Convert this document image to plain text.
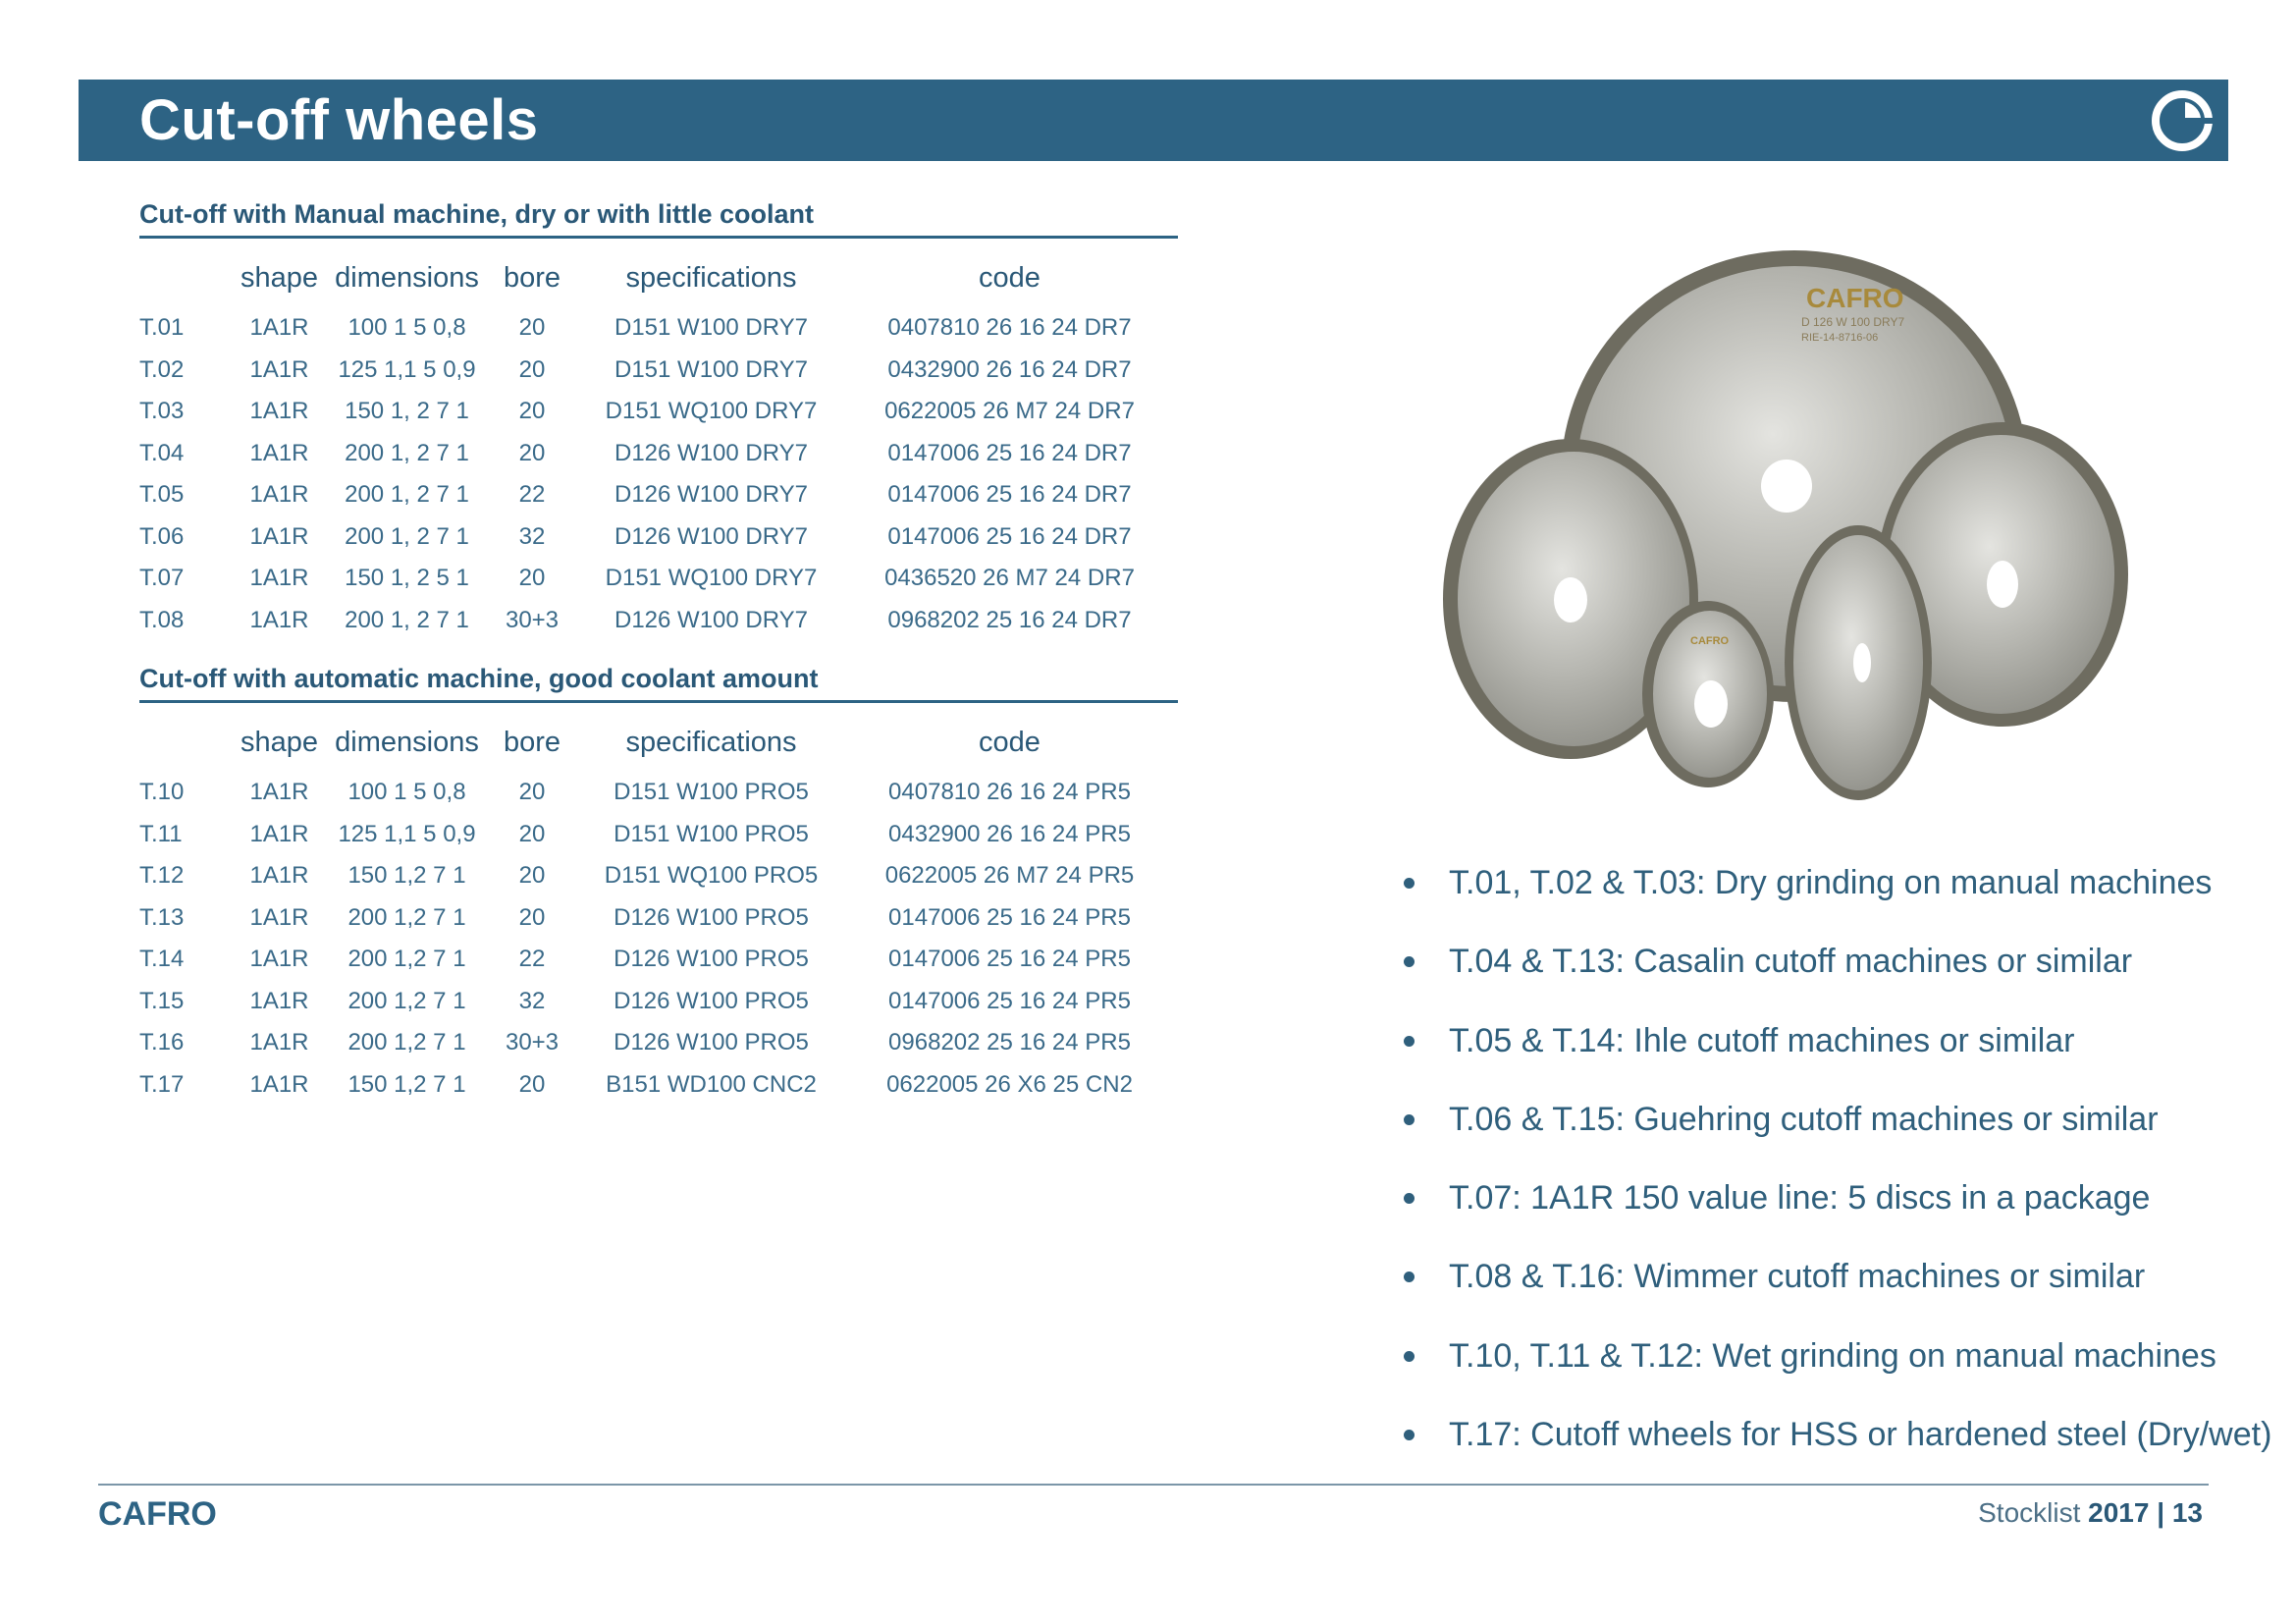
Cut-off wheels
Cut-off with Manual machine, dry or with little coolant
	shape	dimensions	bore	specifications	code
T.01	1A1R	100 1 5 0,8	20	D151 W100 DRY7	0407810 26 16 24 DR7
T.02	1A1R	125 1,1 5 0,9	20	D151 W100 DRY7	0432900 26 16 24 DR7
T.03	1A1R	150 1, 2 7 1	20	D151 WQ100 DRY7	0622005 26 M7 24 DR7
T.04	1A1R	200 1, 2 7 1	20	D126 W100 DRY7	0147006 25 16 24 DR7
T.05	1A1R	200 1, 2 7 1	22	D126 W100 DRY7	0147006 25 16 24 DR7
T.06	1A1R	200 1, 2 7 1	32	D126 W100 DRY7	0147006 25 16 24 DR7
T.07	1A1R	150 1, 2 5 1	20	D151 WQ100 DRY7	0436520 26 M7 24 DR7
T.08	1A1R	200 1, 2 7 1	30+3	D126 W100 DRY7	0968202 25 16 24 DR7
Cut-off with automatic machine, good coolant amount
	shape	dimensions	bore	specifications	code
T.10	1A1R	100 1 5 0,8	20	D151 W100 PRO5	0407810 26 16 24 PR5
T.11	1A1R	125 1,1 5 0,9	20	D151 W100 PRO5	0432900 26 16 24 PR5
T.12	1A1R	150 1,2 7 1	20	D151 WQ100 PRO5	0622005 26 M7 24 PR5
T.13	1A1R	200 1,2 7 1	20	D126 W100 PRO5	0147006 25 16 24 PR5
T.14	1A1R	200 1,2 7 1	22	D126 W100 PRO5	0147006 25 16 24 PR5
T.15	1A1R	200 1,2 7 1	32	D126 W100 PRO5	0147006 25 16 24 PR5
T.16	1A1R	200 1,2 7 1	30+3	D126 W100 PRO5	0968202 25 16 24 PR5
T.17	1A1R	150 1,2 7 1	20	B151 WD100 CNC2	0622005 26 X6 25 CN2
CAFRO
D 126 W 100 DRY7
RIE-14-8716-06
CAFRO
T.01, T.02 & T.03: Dry grinding on manual machines
T.04 & T.13: Casalin cutoff machines or similar
T.05 & T.14: Ihle cutoff machines or similar
T.06 & T.15: Guehring cutoff machines or similar
T.07: 1A1R 150 value line: 5 discs in a package
T.08 & T.16: Wimmer cutoff machines or similar
T.10, T.11 & T.12: Wet grinding on manual machines
T.17: Cutoff wheels for HSS or hardened steel (Dry/wet)
CAFRO	Stocklist 2017 | 13
